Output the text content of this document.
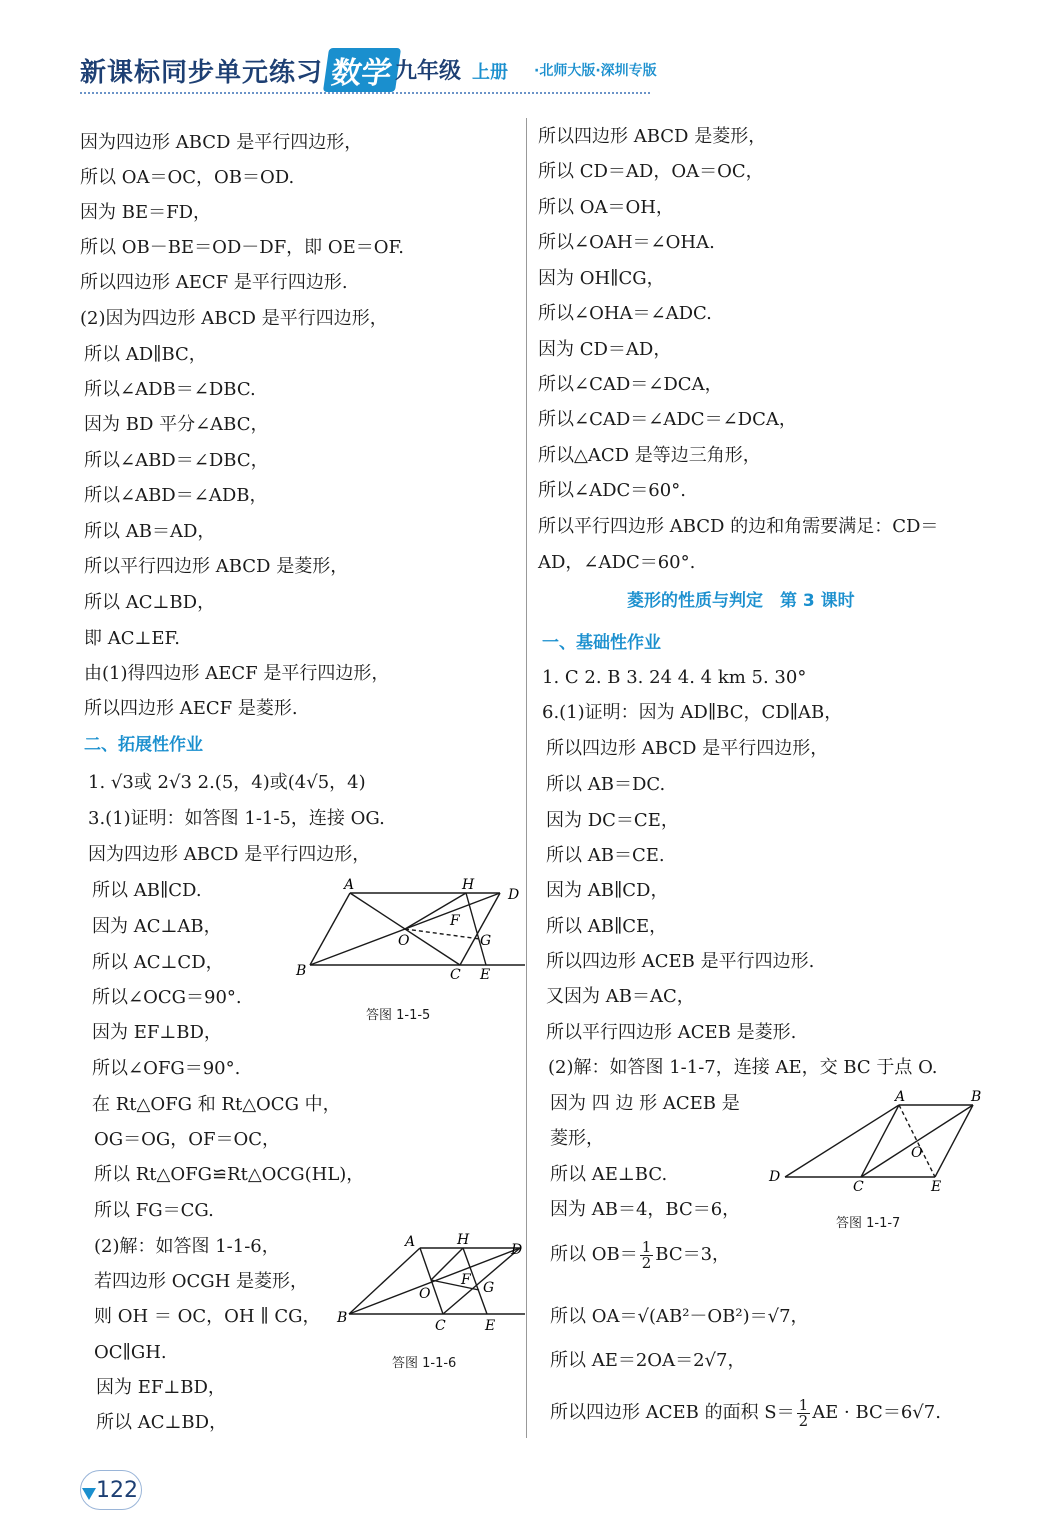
新课标同步单元练习 数学 九年级 上册 ·北师大版·深圳专版
因为四边形 ABCD 是平行四边形，
所以 OA＝OC，OB＝OD.
因为 BE＝FD，
所以 OB－BE＝OD－DF，即 OE＝OF.
所以四边形 AECF 是平行四边形.
(2)因为四边形 ABCD 是平行四边形，
所以 AD∥BC，
所以∠ADB＝∠DBC.
因为 BD 平分∠ABC，
所以∠ABD＝∠DBC，
所以∠ABD＝∠ADB，
所以 AB＝AD，
所以平行四边形 ABCD 是菱形，
所以 AC⊥BD，
即 AC⊥EF.
由(1)得四边形 AECF 是平行四边形，
所以四边形 AECF 是菱形.
二、拓展性作业
1. √3或 2√3 2.(5，4)或(4√5，4)
3.(1)证明：如答图 1-1-5，连接 OG.
因为四边形 ABCD 是平行四边形，
所以 AB∥CD.
因为 AC⊥AB，
所以 AC⊥CD，
所以∠OCG＝90°.
因为 EF⊥BD，
所以∠OFG＝90°.
在 Rt△OFG 和 Rt△OCG 中，
OG＝OG，OF＝OC，
所以 Rt△OFG≌Rt△OCG(HL)，
所以 FG＝CG.
(2)解：如答图 1-1-6，
若四边形 OCGH 是菱形，
则 OH ＝ OC，OH ∥ CG，
OC∥GH.
因为 EF⊥BD，
所以 AC⊥BD，
A	H
D
F
O	G
B	C E
答图 1-1-5
A	H
D
F
O	G
B	C	E
答图 1-1-6
所以四边形 ABCD 是菱形，
所以 CD＝AD，OA＝OC，
所以 OA＝OH，
所以∠OAH＝∠OHA.
因为 OH∥CG，
所以∠OHA＝∠ADC.
因为 CD＝AD，
所以∠CAD＝∠DCA，
所以∠CAD＝∠ADC＝∠DCA，
所以△ACD 是等边三角形，
所以∠ADC＝60°.
所以平行四边形 ABCD 的边和角需要满足：CD＝
AD，∠ADC＝60°.
菱形的性质与判定　第 3 课时
一、基础性作业
1. C 2. B 3. 24 4. 4 km 5. 30°
6.(1)证明：因为 AD∥BC，CD∥AB，
所以四边形 ABCD 是平行四边形，
所以 AB＝DC.
因为 DC＝CE，
所以 AB＝CE.
因为 AB∥CD，
所以 AB∥CE，
所以四边形 ACEB 是平行四边形.
又因为 AB＝AC，
所以平行四边形 ACEB 是菱形.
(2)解：如答图 1-1-7，连接 AE，交 BC 于点 O.
因为 四 边 形 ACEB 是
菱形，
所以 AE⊥BC.
因为 AB＝4，BC＝6，
所以 $OB= \frac{1}{2} BC=3$，
所以 OA＝√(AB²－OB²)＝√7，
所以 AE＝2OA＝2√7，
所以四边形 ACEB 的面积 $S= \frac{1}{2}$ AE · BC＝6√7.
A	B
O
D
C	E
答图 1-1-7
122
